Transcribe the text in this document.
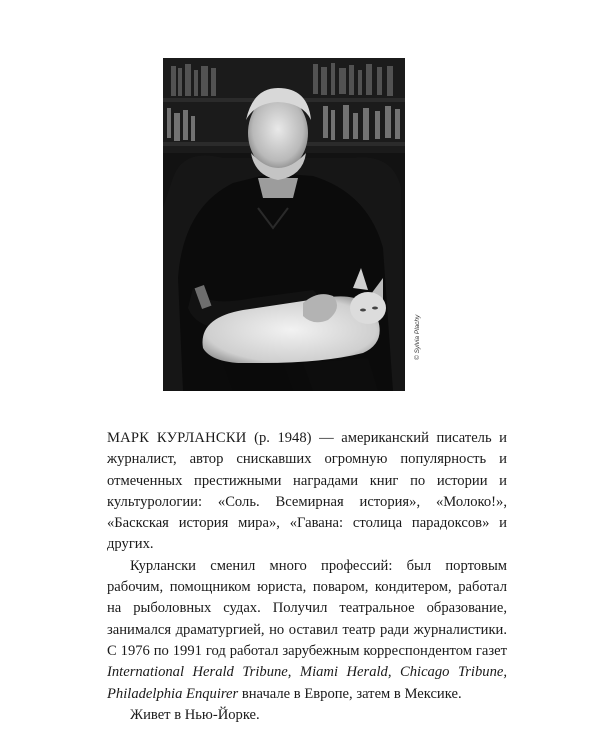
© Sylvia Plachy

МАРК КУРЛАНСКИ (р. 1948) — американский писатель и журналист, автор снискавших огромную популярность и отмеченных престижными наградами книг по истории и культурологии: «Соль. Всемирная история», «Молоко!», «Баскская история мира», «Гавана: столица парадоксов» и других.

Курлански сменил много профессий: был портовым рабочим, помощником юриста, поваром, кондитером, работал на рыболовных судах. Получил театральное образование, занимался драматургией, но оставил театр ради журналистики. С 1976 по 1991 год работал зарубежным корреспондентом газет International Herald Tribune, Miami Herald, Chicago Tribune, Philadelphia Enquirer вначале в Европе, затем в Мексике.

Живет в Нью-Йорке.
